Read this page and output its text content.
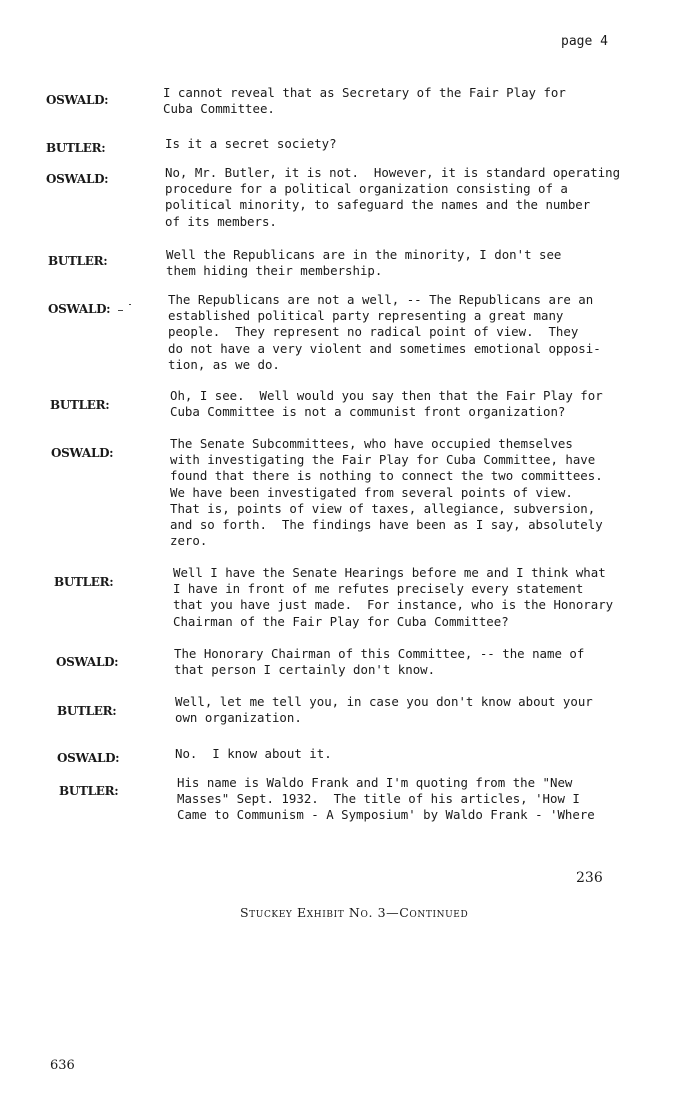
page 4
OSWALD:	I cannot reveal that as Secretary of the Fair Play for
Cuba Committee.
BUTLER:	Is it a secret society?
OSWALD:	No, Mr. Butler, it is not.  However, it is standard operating
procedure for a political organization consisting of a
political minority, to safeguard the names and the number
of its members.
BUTLER:	Well the Republicans are in the minority, I don't see
them hiding their membership.
OSWALD:
The Republicans are not a well, -- The Republicans are an
established political party representing a great many
people.  They represent no radical point of view.  They
do not have a very violent and sometimes emotional opposi-
tion, as we do.
BUTLER:
Oh, I see.  Well would you say then that the Fair Play for
Cuba Committee is not a communist front organization?
OSWALD:
The Senate Subcommittees, who have occupied themselves
with investigating the Fair Play for Cuba Committee, have
found that there is nothing to connect the two committees.
We have been investigated from several points of view.
That is, points of view of taxes, allegiance, subversion,
and so forth.  The findings have been as I say, absolutely
zero.
BUTLER:
Well I have the Senate Hearings before me and I think what
I have in front of me refutes precisely every statement
that you have just made.  For instance, who is the Honorary
Chairman of the Fair Play for Cuba Committee?
OSWALD:
The Honorary Chairman of this Committee, -- the name of
that person I certainly don't know.
BUTLER:
Well, let me tell you, in case you don't know about your
own organization.
OSWALD:	No.  I know about it.
BUTLER:
His name is Waldo Frank and I'm quoting from the "New
Masses" Sept. 1932.  The title of his articles, 'How I
Came to Communism - A Symposium' by Waldo Frank - 'Where
236
Stuckey Exhibit No. 3—Continued
636
